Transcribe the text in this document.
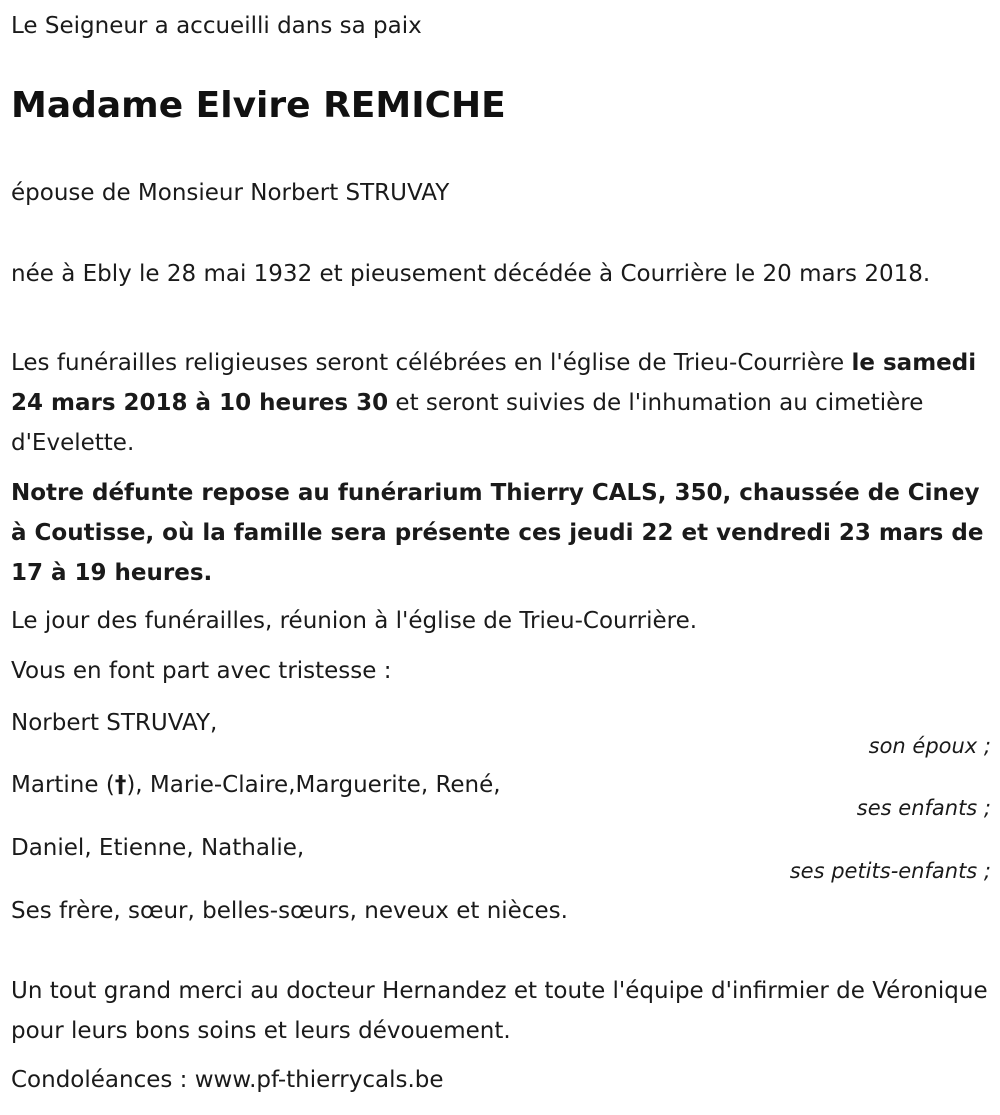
Le Seigneur a accueilli dans sa paix
Madame Elvire REMICHE
épouse de Monsieur Norbert STRUVAY
née à Ebly le 28 mai 1932 et pieusement décédée à Courrière le 20 mars 2018.
Les funérailles religieuses seront célébrées en l'église de Trieu-Courrière le samedi 24 mars 2018 à 10 heures 30 et seront suivies de l'inhumation au cimetière d'Evelette.
Notre défunte repose au funérarium Thierry CALS, 350, chaussée de Ciney à Coutisse, où la famille sera présente ces jeudi 22 et vendredi 23 mars de 17 à 19 heures.
Le jour des funérailles, réunion à l'église de Trieu-Courrière.
Vous en font part avec tristesse :
Norbert STRUVAY,
son époux ;
Martine (†), Marie-Claire,Marguerite, René,
ses enfants ;
Daniel, Etienne, Nathalie,
ses petits-enfants ;
Ses frère, sœur, belles-sœurs, neveux et nièces.
Un tout grand merci au docteur Hernandez et toute l'équipe d'infirmier de Véronique pour leurs bons soins et leurs dévouement.
Condoléances : www.pf-thierrycals.be
